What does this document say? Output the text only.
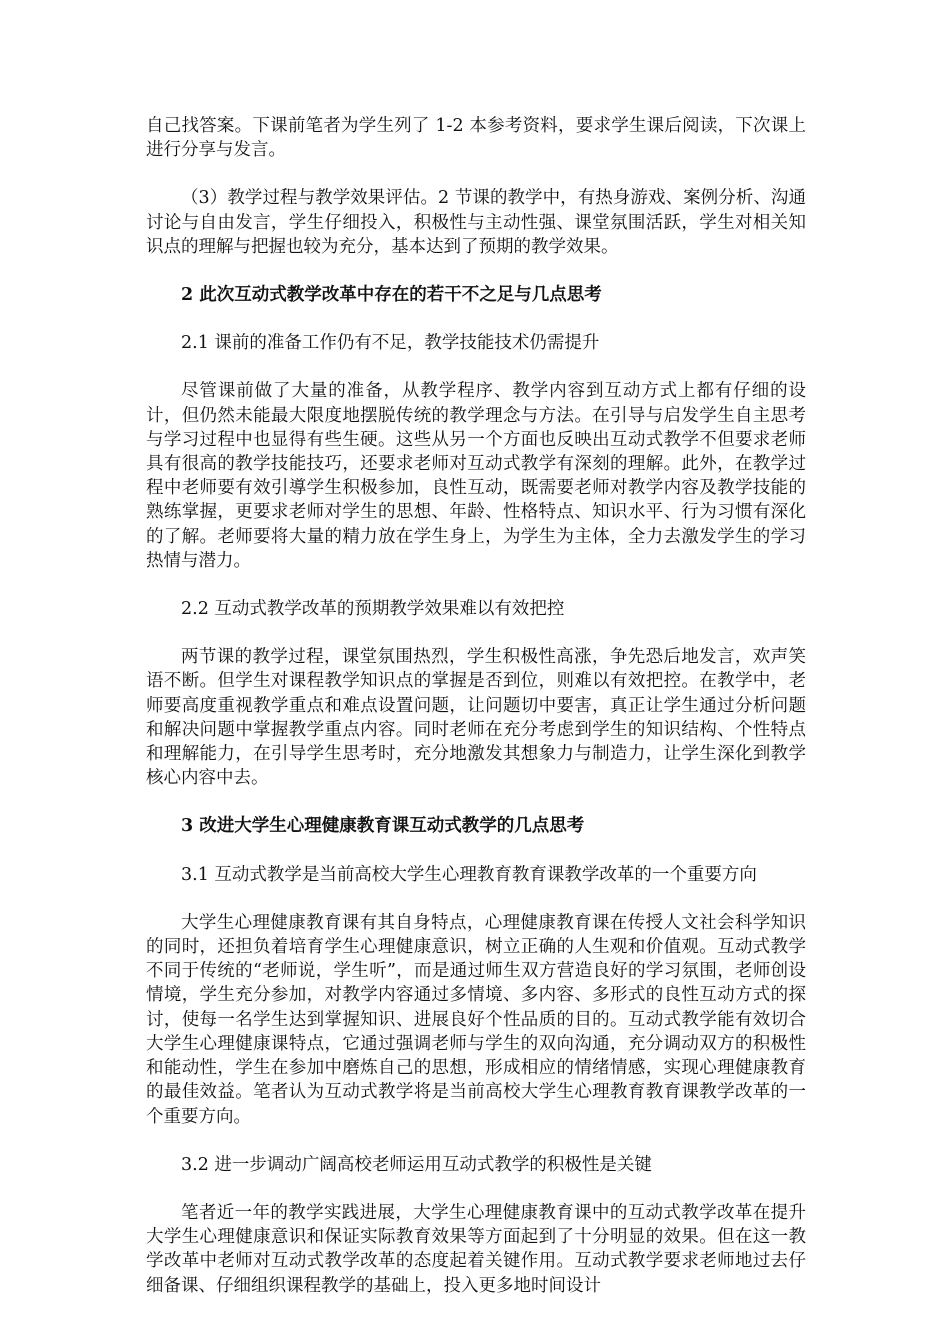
自己找答案。下课前笔者为学生列了 1-2 本参考资料，要求学生课后阅读，下次课上进行分享与发言。

（3）教学过程与教学效果评估。2 节课的教学中，有热身游戏、案例分析、沟通讨论与自由发言，学生仔细投入，积极性与主动性强、课堂氛围活跃，学生对相关知识点的理解与把握也较为充分，基本达到了预期的教学效果。

2 此次互动式教学改革中存在的若干不之足与几点思考

2.1 课前的准备工作仍有不足，教学技能技术仍需提升

尽管课前做了大量的准备，从教学程序、教学内容到互动方式上都有仔细的设计，但仍然未能最大限度地摆脱传统的教学理念与方法。在引导与启发学生自主思考与学习过程中也显得有些生硬。这些从另一个方面也反映出互动式教学不但要求老师具有很高的教学技能技巧，还要求老师对互动式教学有深刻的理解。此外，在教学过程中老师要有效引導学生积极参加，良性互动，既需要老师对教学内容及教学技能的熟练掌握，更要求老师对学生的思想、年龄、性格特点、知识水平、行为习惯有深化的了解。老师要将大量的精力放在学生身上，为学生为主体，全力去激发学生的学习热情与潜力。

2.2 互动式教学改革的预期教学效果难以有效把控

两节课的教学过程，课堂氛围热烈，学生积极性高涨，争先恐后地发言，欢声笑语不断。但学生对课程教学知识点的掌握是否到位，则难以有效把控。在教学中，老师要高度重视教学重点和难点设置问题，让问题切中要害，真正让学生通过分析问题和解决问题中掌握教学重点内容。同时老师在充分考虑到学生的知识结构、个性特点和理解能力，在引导学生思考时，充分地激发其想象力与制造力，让学生深化到教学核心内容中去。

3 改进大学生心理健康教育课互动式教学的几点思考

3.1 互动式教学是当前高校大学生心理教育教育课教学改革的一个重要方向

大学生心理健康教育课有其自身特点，心理健康教育课在传授人文社会科学知识的同时，还担负着培育学生心理健康意识，树立正确的人生观和价值观。互动式教学不同于传统的“老师说，学生听”，而是通过师生双方营造良好的学习氛围，老师创设情境，学生充分参加，对教学内容通过多情境、多内容、多形式的良性互动方式的探讨，使每一名学生达到掌握知识、进展良好个性品质的目的。互动式教学能有效切合大学生心理健康课特点，它通过强调老师与学生的双向沟通，充分调动双方的积极性和能动性，学生在参加中磨炼自己的思想，形成相应的情绪情感，实现心理健康教育的最佳效益。笔者认为互动式教学将是当前高校大学生心理教育教育课教学改革的一个重要方向。

3.2 进一步调动广阔高校老师运用互动式教学的积极性是关键

笔者近一年的教学实践进展，大学生心理健康教育课中的互动式教学改革在提升大学生心理健康意识和保证实际教育效果等方面起到了十分明显的效果。但在这一教学改革中老师对互动式教学改革的态度起着关键作用。互动式教学要求老师地过去仔细备课、仔细组织课程教学的基础上，投入更多地时间设计
